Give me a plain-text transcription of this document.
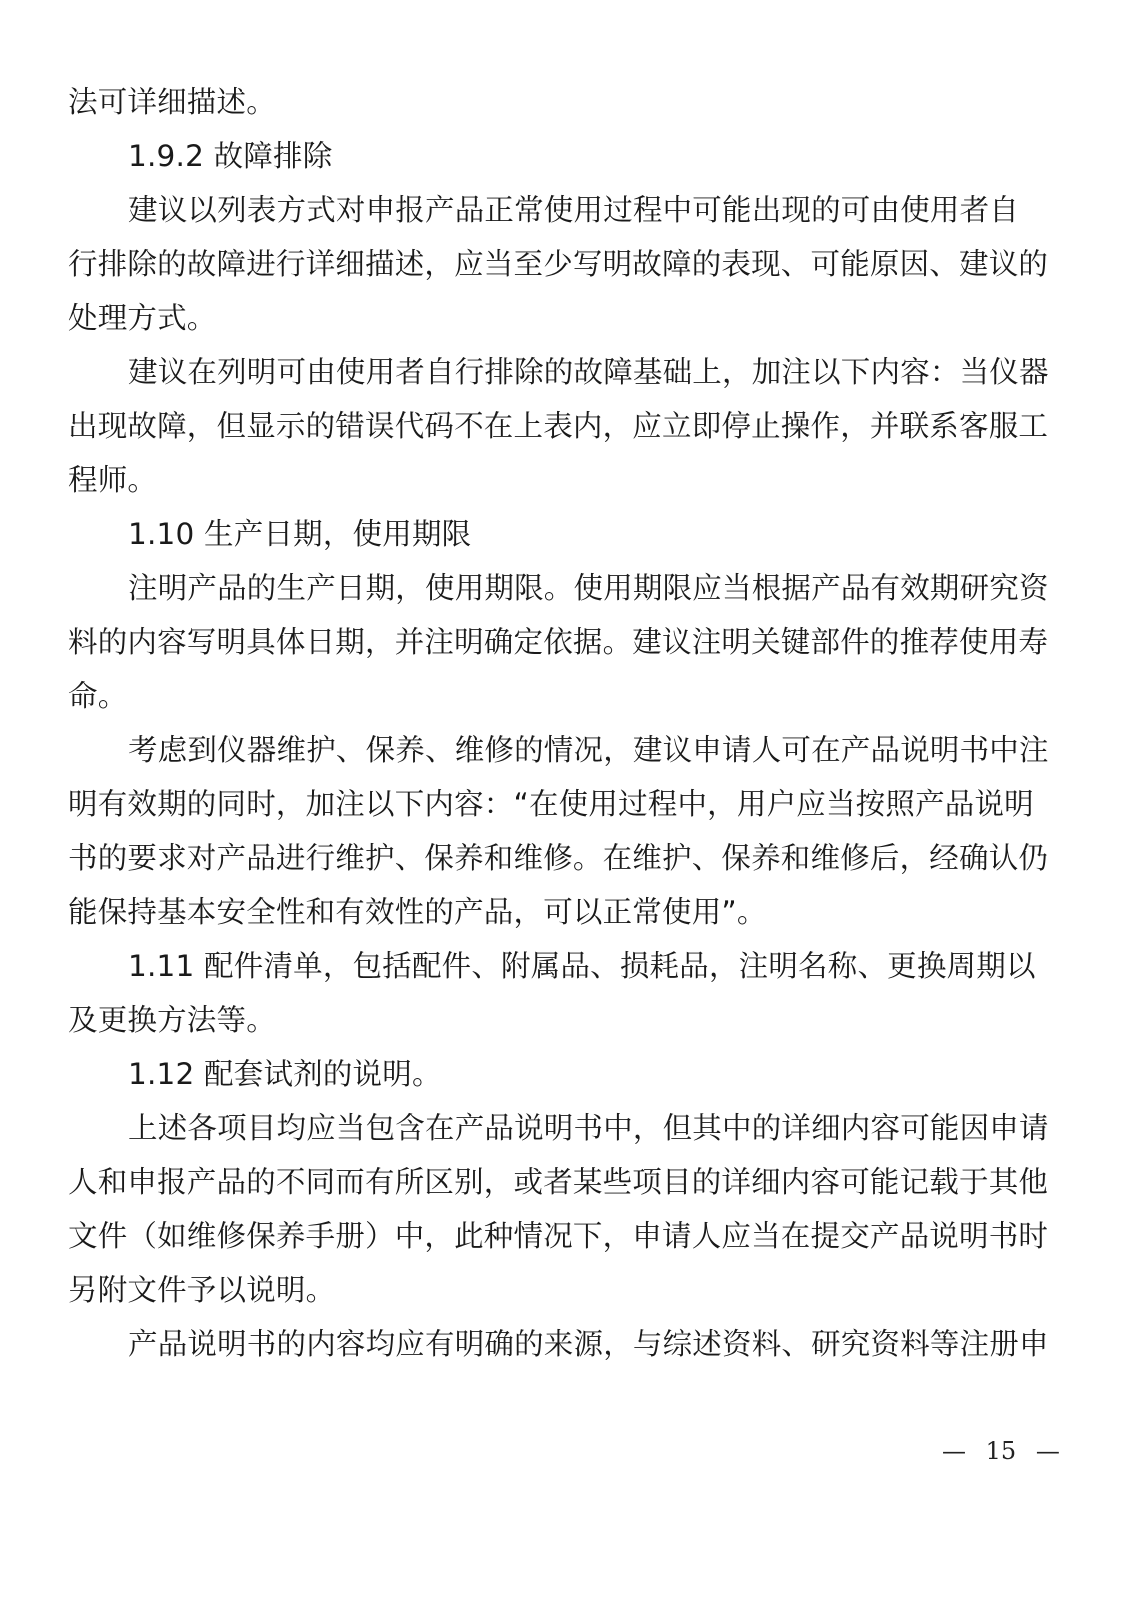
法可详细描述。
1.9.2 故障排除
建议以列表方式对申报产品正常使用过程中可能出现的可由使用者自
行排除的故障进行详细描述，应当至少写明故障的表现、可能原因、建议的
处理方式。
建议在列明可由使用者自行排除的故障基础上，加注以下内容：当仪器
出现故障，但显示的错误代码不在上表内，应立即停止操作，并联系客服工
程师。
1.10 生产日期，使用期限
注明产品的生产日期，使用期限。使用期限应当根据产品有效期研究资
料的内容写明具体日期，并注明确定依据。建议注明关键部件的推荐使用寿
命。
考虑到仪器维护、保养、维修的情况，建议申请人可在产品说明书中注
明有效期的同时，加注以下内容：“在使用过程中，用户应当按照产品说明
书的要求对产品进行维护、保养和维修。在维护、保养和维修后，经确认仍
能保持基本安全性和有效性的产品，可以正常使用”。
1.11 配件清单，包括配件、附属品、损耗品，注明名称、更换周期以
及更换方法等。
1.12 配套试剂的说明。
上述各项目均应当包含在产品说明书中，但其中的详细内容可能因申请
人和申报产品的不同而有所区别，或者某些项目的详细内容可能记载于其他
文件（如维修保养手册）中，此种情况下，申请人应当在提交产品说明书时
另附文件予以说明。
产品说明书的内容均应有明确的来源，与综述资料、研究资料等注册申
— 15 —
